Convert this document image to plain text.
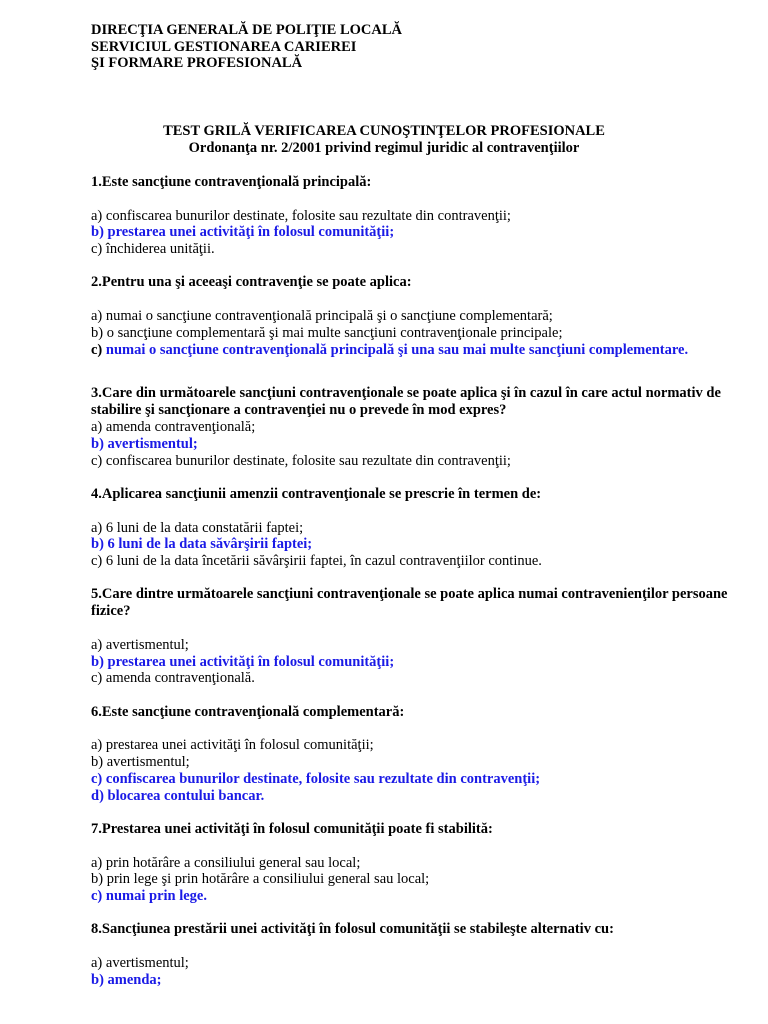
DIRECŢIA GENERALĂ DE POLIŢIE LOCALĂ
SERVICIUL GESTIONAREA CARIEREI
ŞI FORMARE PROFESIONALĂ
TEST GRILĂ VERIFICAREA CUNOŞTINŢELOR PROFESIONALE
Ordonanţa nr. 2/2001 privind regimul juridic al contravenţiilor
1.Este sancţiune contravenţională principală:
a) confiscarea bunurilor destinate, folosite sau rezultate din contravenţii;
b) prestarea unei activităţi în folosul comunităţii;
c) închiderea unităţii.
2.Pentru una şi aceeaşi contravenţie se poate aplica:
a) numai o sancţiune contravenţională principală şi o sancţiune complementară;
b) o sancţiune complementară şi mai multe sancţiuni contravenţionale principale;
c) numai o sancţiune contravenţională principală şi una sau mai multe sancţiuni complementare.
3.Care din următoarele sancţiuni contravenţionale se poate aplica şi în cazul în care actul normativ de stabilire şi sancţionare a contravenţiei nu o prevede în mod expres?
a) amenda contravenţională;
b) avertismentul;
c) confiscarea bunurilor destinate, folosite sau rezultate din contravenţii;
4.Aplicarea sancţiunii amenzii contravenţionale se prescrie în termen de:
a) 6 luni de la data constatării faptei;
b) 6 luni de la data săvârşirii faptei;
c) 6 luni de la data încetării săvârşirii faptei, în cazul contravenţiilor continue.
5.Care dintre următoarele sancţiuni contravenţionale se poate aplica numai contravenienţilor persoane fizice?
a) avertismentul;
b) prestarea unei activităţi în folosul comunităţii;
c) amenda contravenţională.
6.Este sancţiune contravenţională complementară:
a) prestarea unei activităţi în folosul comunităţii;
b) avertismentul;
c) confiscarea bunurilor destinate, folosite sau rezultate din contravenţii;
d) blocarea contului bancar.
7.Prestarea unei activităţi în folosul comunităţii poate fi stabilită:
a) prin hotărâre a consiliului general sau local;
b) prin lege şi prin hotărâre a consiliului general sau local;
c) numai prin lege.
8.Sancţiunea prestării unei activităţi în folosul comunităţii se stabileşte alternativ cu:
a) avertismentul;
b) amenda;
